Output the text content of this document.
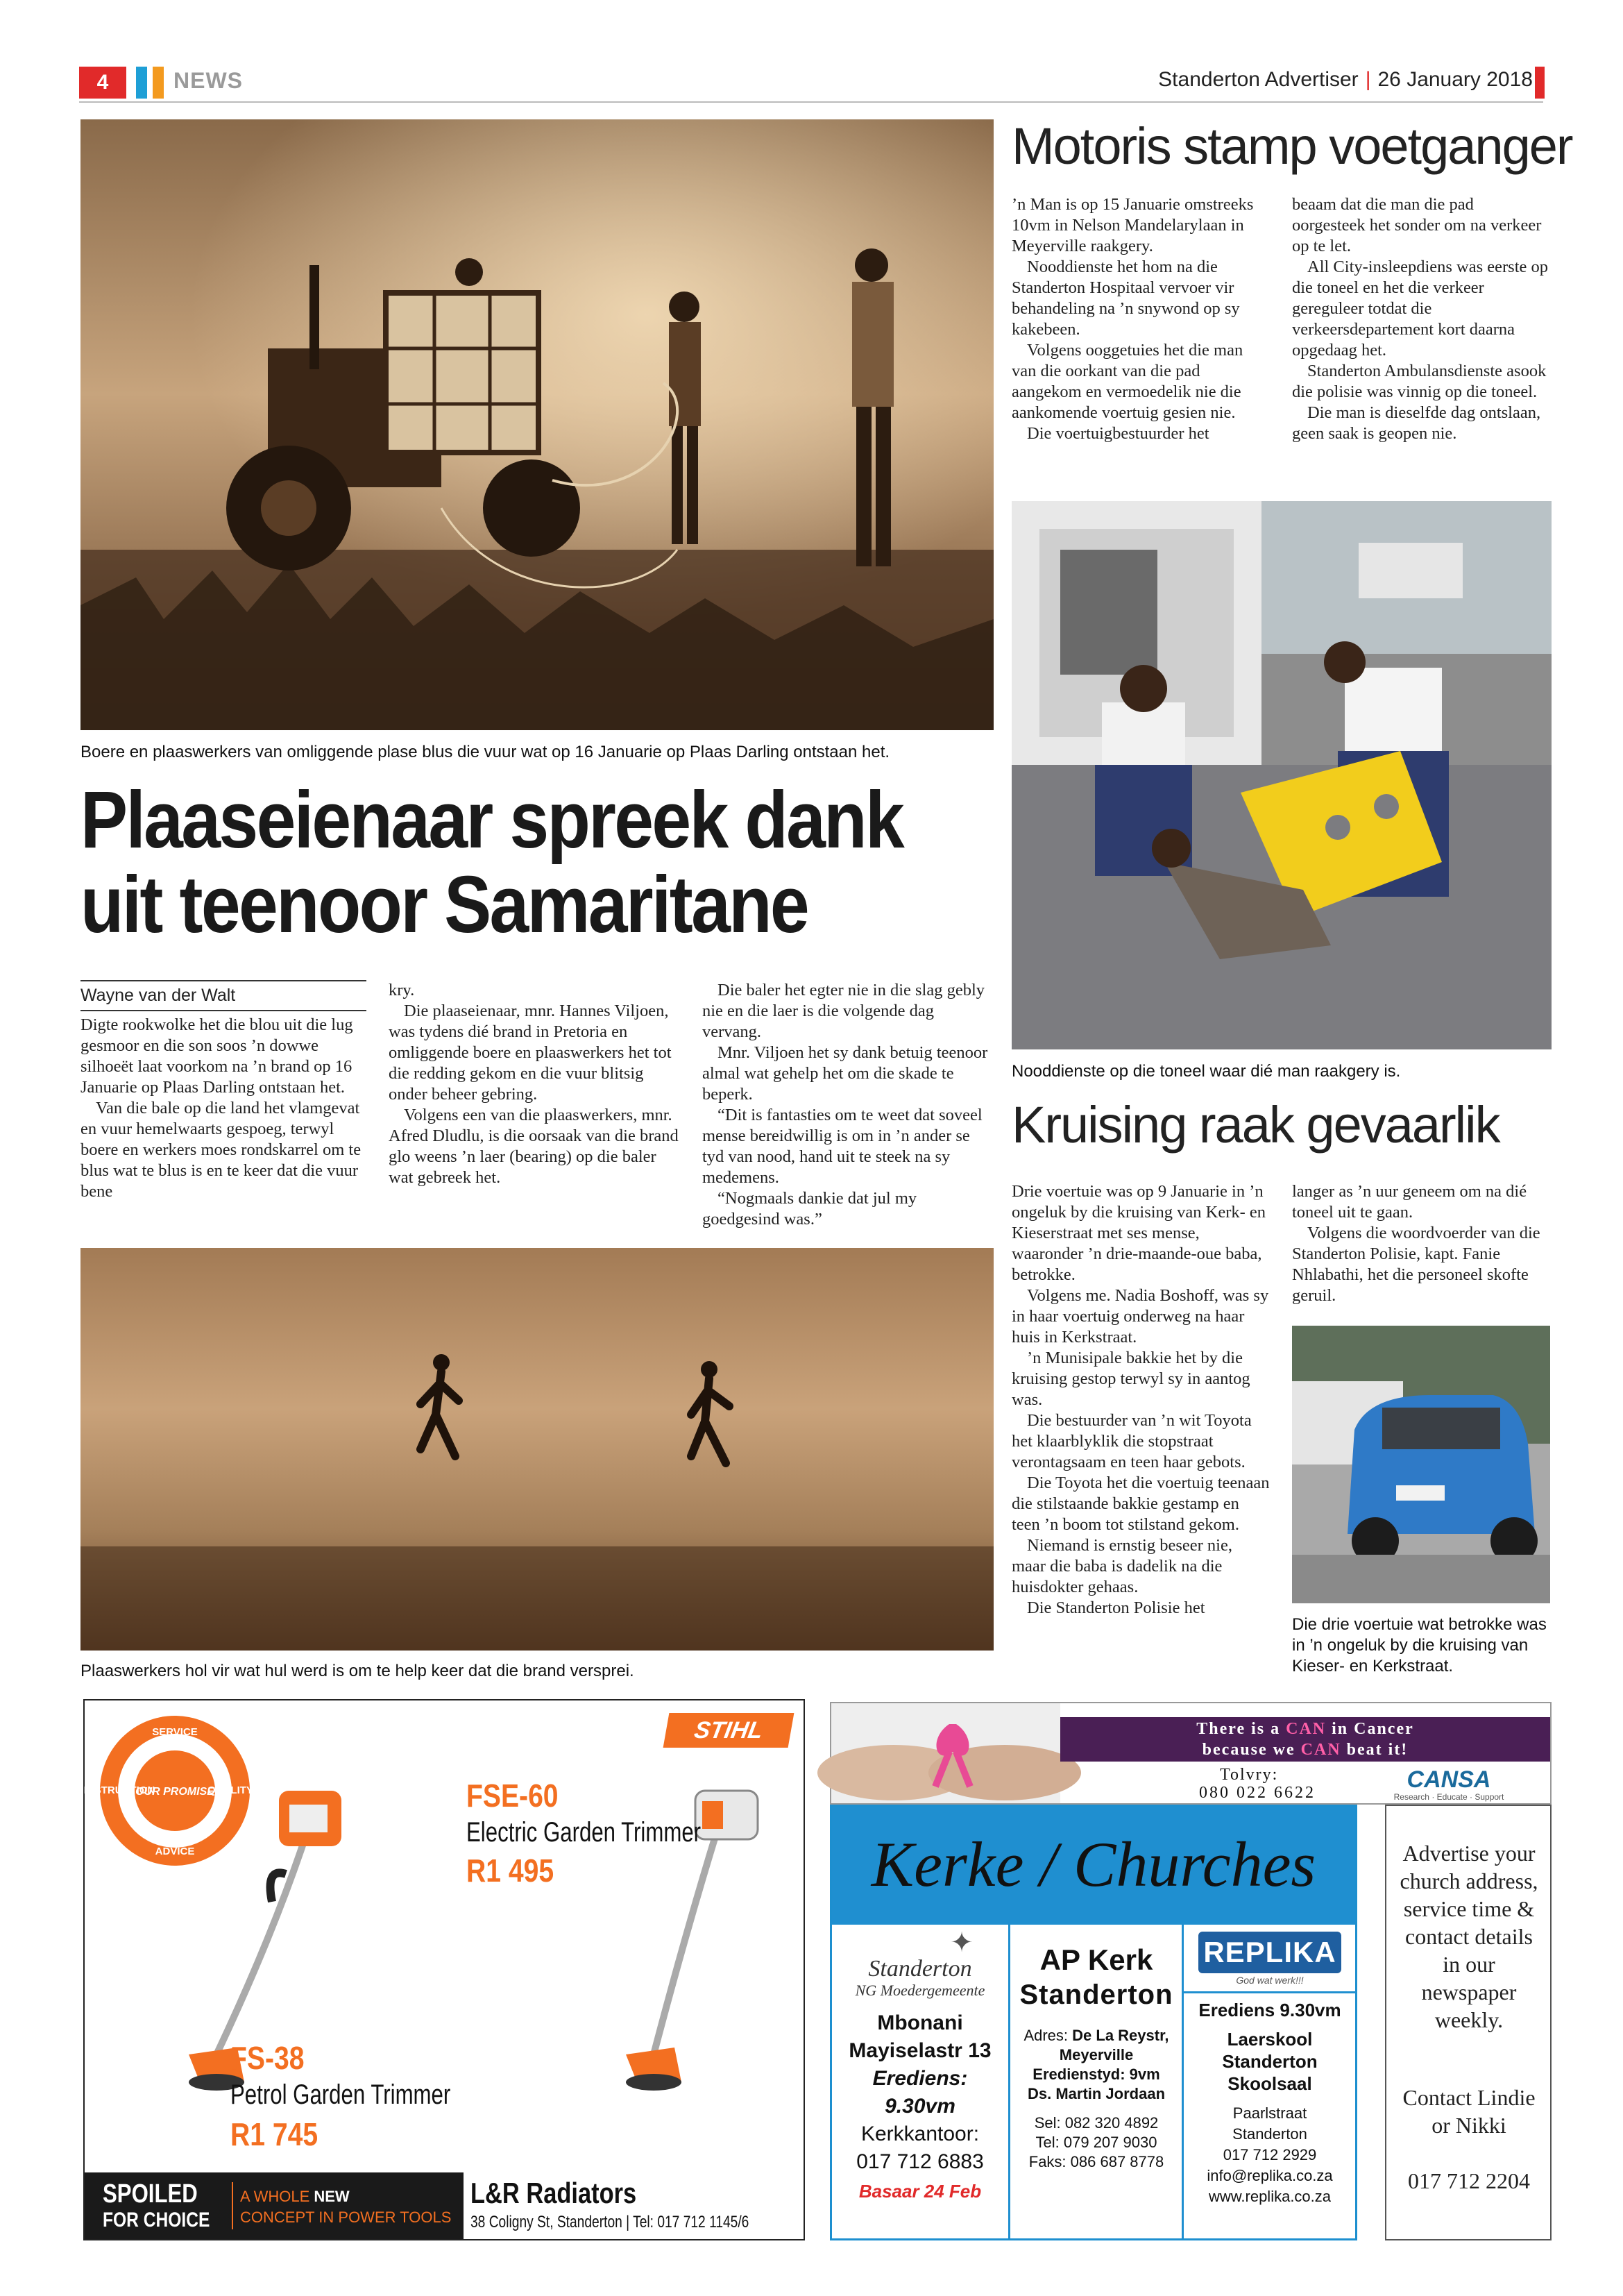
4	NEWS	Standerton Advertiser | 26 January 2018
Boere en plaaswerkers van omliggende plase blus die vuur wat op 16 Januarie op Plaas Darling ontstaan het.
Plaaseienaar spreek dank
uit teenoor Samaritane
Wayne van der Walt

Digte rookwolke het die blou uit die lug gesmoor en die son soos ’n dowwe silhoeët laat voorkom na ’n brand op 16 Januarie op Plaas Darling ontstaan het.

Van die bale op die land het vlamgevat en vuur hemelwaarts gespoeg, terwyl boere en werkers moes rondskarrel om te blus wat te blus is en te keer dat die vuur bene

kry.

Die plaaseienaar, mnr. Hannes Viljoen, was tydens dié brand in Pretoria en omliggende boere en plaaswerkers het tot die redding gekom en die vuur blitsig onder beheer gebring.

Volgens een van die plaaswerkers, mnr. Afred Dludlu, is die oorsaak van die brand glo weens ’n laer (bearing) op die baler wat gebreek het.

Die baler het egter nie in die slag gebly nie en die laer is die volgende dag vervang.

Mnr. Viljoen het sy dank betuig teenoor almal wat gehelp het om die skade te beperk.

“Dit is fantasties om te weet dat soveel mense bereidwillig is om in ’n ander se tyd van nood, hand uit te steek na sy medemens.

“Nogmaals dankie dat jul my goedgesind was.”

Plaaswerkers hol vir wat hul werd is om te help keer dat die brand versprei.
Motoris stamp voetganger

’n Man is op 15 Januarie omstreeks 10vm in Nelson Mandelarylaan in Meyerville raakgery.

Nooddienste het hom na die Standerton Hospitaal vervoer vir behandeling na ’n snywond op sy kakebeen.

Volgens ooggetuies het die man van die oorkant van die pad aangekom en vermoedelik nie die aankomende voertuig gesien nie.

Die voertuigbestuurder het

beaam dat die man die pad oorgesteek het sonder om na verkeer op te let.

All City-insleepdiens was eerste op die toneel en het die verkeer gereguleer totdat die verkeersdepartement kort daarna opgedaag het.

Standerton Ambulansdienste asook die polisie was vinnig op die toneel.

Die man is dieselfde dag ontslaan, geen saak is geopen nie.

Nooddienste op die toneel waar dié man raakgery is.
Kruising raak gevaarlik

Drie voertuie was op 9 Januarie in ’n ongeluk by die kruising van Kerk- en Kieserstraat met ses mense, waaronder ’n drie-maande-oue baba, betrokke.

Volgens me. Nadia Boshoff, was sy in haar voertuig onderweg na haar huis in Kerkstraat.

’n Munisipale bakkie het by die kruising gestop terwyl sy in aantog was.

Die bestuurder van ’n wit Toyota het klaarblyklik die stopstraat verontagsaam en teen haar gebots.

Die Toyota het die voertuig teenaan die stilstaande bakkie gestamp en teen ’n boom tot stilstand gekom.

Niemand is ernstig beseer nie, maar die baba is dadelik na die huisdokter gehaas.

Die Standerton Polisie het

langer as ’n uur geneem om na dié toneel uit te gaan.

Volgens die woordvoerder van die Standerton Polisie, kapt. Fanie Nhlabathi, het die personeel skofte geruil.

Die drie voertuie wat betrokke was in ’n ongeluk by die kruising van Kieser- en Kerkstraat.
STIHL
SERVICE
QUALITY
ADVICE
INSTRUCTION
OUR PROMISE	FSE-60
Electric Garden Trimmer
R1 495
FS-38
Petrol Garden Trimmer
R1 745
SPOILED
FOR CHOICE
A WHOLE NEW
CONCEPT IN POWER TOOLS
L&R Radiators
38 Coligny St, Standerton | Tel: 017 712 1145/6
There is a CAN in Cancer
because we CAN beat it!
Tolvry:
080 022 6622	CANSA
Research · Educate · Support
Kerke / Churches
✦
Standerton
NG Moedergemeente
Mbonani
Mayiselastr 13
Erediens:
9.30vm
Kerkkantoor:
017 712 6883
Basaar 24 Feb
AP Kerk
Standerton
Adres: De La Reystr, Meyerville
Eredienstyd: 9vm
Ds. Martin Jordaan
Sel: 082 320 4892
Tel: 079 207 9030
Faks: 086 687 8778
REPLIKA
God wat werk!!!
Erediens 9.30vm
Laerskool
Standerton
Skoolsaal
Paarlstraat
Standerton
017 712 2929
info@replika.co.za
www.replika.co.za
Advertise your church address, service time & contact details in our newspaper weekly.
Contact Lindie or Nikki
017 712 2204
